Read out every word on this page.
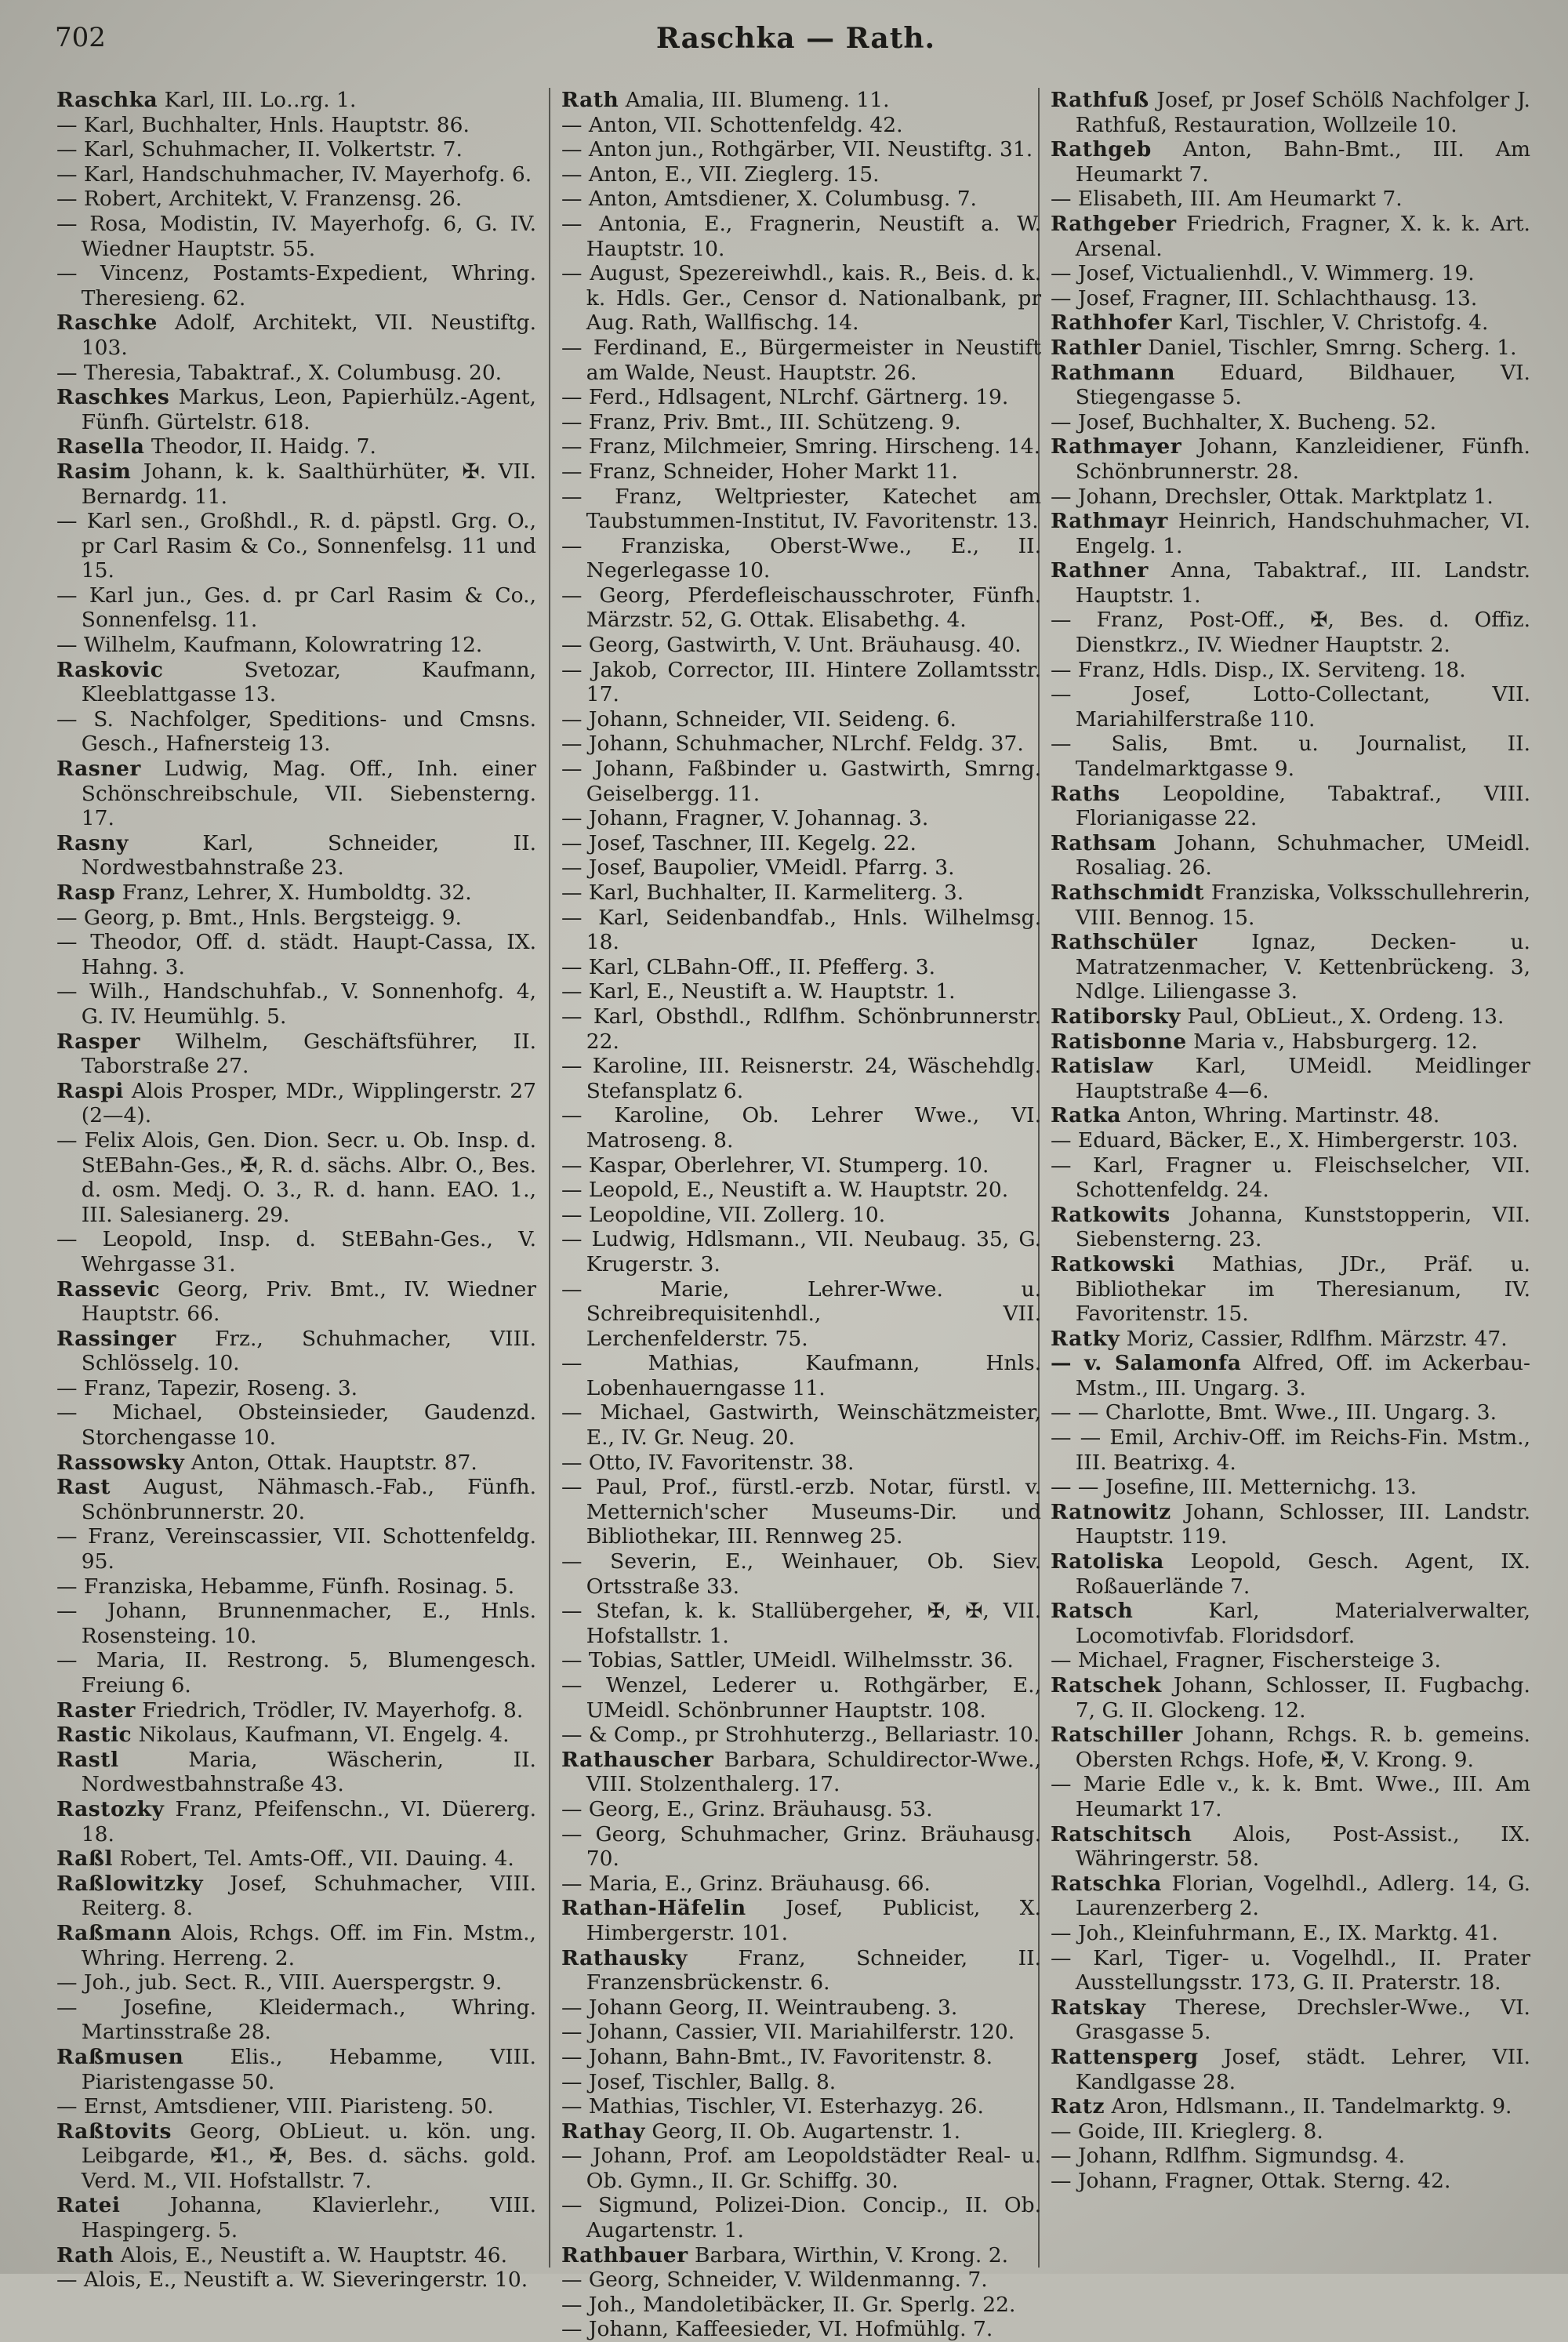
702	Raschka — Rath.

Raschka Karl, III. Lo‥rg. 1.

— Karl, Buchhalter, Hnls. Hauptstr. 86.

— Karl, Schuhmacher, II. Volkertstr. 7.

— Karl, Handschuhmacher, IV. Mayerhofg. 6.

— Robert, Architekt, V. Franzensg. 26.

— Rosa, Modistin, IV. Mayerhofg. 6, G. IV. Wiedner Hauptstr. 55.

— Vincenz, Postamts-Expedient, Whring. Theresieng. 62.

Raschke Adolf, Architekt, VII. Neustiftg. 103.

— Theresia, Tabaktraf., X. Columbusg. 20.

Raschkes Markus, Leon, Papierhülz.-Agent, Fünfh. Gürtelstr. 618.

Rasella Theodor, II. Haidg. 7.

Rasim Johann, k. k. Saalthürhüter, ✠. VII. Bernardg. 11.

— Karl sen., Großhdl., R. d. päpstl. Grg. O., pr Carl Rasim & Co., Sonnenfelsg. 11 und 15.

— Karl jun., Ges. d. pr Carl Rasim & Co., Sonnenfelsg. 11.

— Wilhelm, Kaufmann, Kolowratring 12.

Raskovic	Svetozar, Kaufmann, Kleeblattgasse 13.

— S. Nachfolger, Speditions- und Cmsns. Gesch., Hafnersteig 13.

Rasner Ludwig, Mag. Off., Inh. einer Schönschreibschule, VII. Siebensterng. 17.

Rasny	Karl, Schneider, II. Nordwestbahnstraße 23.

Rasp Franz, Lehrer, X. Humboldtg. 32.

— Georg, p. Bmt., Hnls. Bergsteigg. 9.

— Theodor, Off. d. städt. Haupt-Cassa, IX. Hahng. 3.

— Wilh., Handschuhfab., V. Sonnenhofg. 4, G. IV. Heumühlg. 5.

Rasper Wilhelm, Geschäftsführer, II. Taborstraße 27.

Raspi Alois Prosper, MDr., Wipplingerstr. 27 (2—4).

— Felix Alois, Gen. Dion. Secr. u. Ob. Insp. d. StEBahn-Ges., ✠, R. d. sächs. Albr. O., Bes. d. osm. Medj. O. 3., R. d. hann. EAO. 1., III. Salesianerg. 29.

— Leopold, Insp. d. StEBahn-Ges., V. Wehrgasse 31.

Rassevic Georg, Priv. Bmt., IV. Wiedner Hauptstr. 66.

Rassinger Frz., Schuhmacher, VIII. Schlösselg. 10.

— Franz, Tapezir, Roseng. 3.

— Michael, Obsteinsieder, Gaudenzd. Storchengasse 10.

Rassowsky Anton, Ottak. Hauptstr. 87.

Rast August, Nähmasch.-Fab., Fünfh. Schönbrunnerstr. 20.

— Franz, Vereinscassier, VII. Schottenfeldg. 95.

— Franziska, Hebamme, Fünfh. Rosinag. 5.

— Johann, Brunnenmacher, E., Hnls. Rosensteing. 10.

— Maria, II. Restrong. 5, Blumengesch. Freiung 6.

Raster Friedrich, Trödler, IV. Mayerhofg. 8.

Rastic Nikolaus, Kaufmann, VI. Engelg. 4.

Rastl	Maria, Wäscherin, II. Nordwestbahnstraße 43.

Rastozky Franz, Pfeifenschn., VI. Düererg. 18.

Raßl Robert, Tel. Amts-Off., VII. Dauing. 4.

Raßlowitzky Josef, Schuhmacher, VIII. Reiterg. 8.

Raßmann Alois, Rchgs. Off. im Fin. Mstm., Whring. Herreng. 2.

— Joh., jub. Sect. R., VIII. Auerspergstr. 9.

— Josefine, Kleidermach., Whring. Martinsstraße 28.

Raßmusen Elis., Hebamme, VIII. Piaristengasse 50.

— Ernst, Amtsdiener, VIII. Piaristeng. 50.

Raßtovits Georg, ObLieut. u. kön. ung. Leibgarde, ✠1., ✠, Bes. d. sächs. gold. Verd. M., VII. Hofstallstr. 7.

Ratei Johanna, Klavierlehr., VIII. Haspingerg. 5.

Rath Alois, E., Neustift a. W. Hauptstr. 46.

— Alois, E., Neustift a. W. Sieveringerstr. 10.

Rath Amalia, III. Blumeng. 11.

— Anton, VII. Schottenfeldg. 42.

— Anton jun., Rothgärber, VII. Neustiftg. 31.

— Anton, E., VII. Zieglerg. 15.

— Anton, Amtsdiener, X. Columbusg. 7.

— Antonia, E., Fragnerin, Neustift a. W. Hauptstr. 10.

— August, Spezereiwhdl., kais. R., Beis. d. k. k. Hdls. Ger., Censor d. Nationalbank, pr Aug. Rath, Wallfischg. 14.

— Ferdinand, E., Bürgermeister in Neustift am Walde, Neust. Hauptstr. 26.

— Ferd., Hdlsagent, NLrchf. Gärtnerg. 19.

— Franz, Priv. Bmt., III. Schützeng. 9.

— Franz, Milchmeier, Smring. Hirscheng. 14.

— Franz, Schneider, Hoher Markt 11.

— Franz, Weltpriester, Katechet am Taubstummen-Institut, IV. Favoritenstr. 13.

— Franziska, Oberst-Wwe., E., II. Negerlegasse 10.

— Georg, Pferdefleischausschroter, Fünfh. Märzstr. 52, G. Ottak. Elisabethg. 4.

— Georg, Gastwirth, V. Unt. Bräuhausg. 40.

— Jakob, Corrector, III. Hintere Zollamtsstr. 17.

— Johann, Schneider, VII. Seideng. 6.

— Johann, Schuhmacher, NLrchf. Feldg. 37.

— Johann, Faßbinder u. Gastwirth, Smrng. Geiselbergg. 11.

— Johann, Fragner, V. Johannag. 3.

— Josef, Taschner, III. Kegelg. 22.

— Josef, Baupolier, VMeidl. Pfarrg. 3.

— Karl, Buchhalter, II. Karmeliterg. 3.

— Karl, Seidenbandfab., Hnls. Wilhelmsg. 18.

— Karl, CLBahn-Off., II. Pfefferg. 3.

— Karl, E., Neustift a. W. Hauptstr. 1.

— Karl, Obsthdl., Rdlfhm. Schönbrunnerstr. 22.

— Karoline, III. Reisnerstr. 24, Wäschehdlg. Stefansplatz 6.

— Karoline, Ob. Lehrer Wwe., VI. Matroseng. 8.

— Kaspar, Oberlehrer, VI. Stumperg. 10.

— Leopold, E., Neustift a. W. Hauptstr. 20.

— Leopoldine, VII. Zollerg. 10.

— Ludwig, Hdlsmann., VII. Neubaug. 35, G. Krugerstr. 3.

— Marie, Lehrer-Wwe. u. Schreibrequisitenhdl., VII. Lerchenfelderstr. 75.

— Mathias, Kaufmann, Hnls. Lobenhauerngasse 11.

— Michael, Gastwirth, Weinschätzmeister, E., IV. Gr. Neug. 20.

— Otto, IV. Favoritenstr. 38.

— Paul, Prof., fürstl.-erzb. Notar, fürstl. v. Metternich'scher Museums-Dir. und Bibliothekar, III. Rennweg 25.

— Severin, E., Weinhauer, Ob. Siev. Ortsstraße 33.

— Stefan, k. k. Stallübergeher, ✠, ✠, VII. Hofstallstr. 1.

— Tobias, Sattler, UMeidl. Wilhelmsstr. 36.

— Wenzel, Lederer u. Rothgärber, E., UMeidl. Schönbrunner Hauptstr. 108.

— & Comp., pr Strohhuterzg., Bellariastr. 10.

Rathauscher Barbara, Schuldirector-Wwe., VIII. Stolzenthalerg. 17.

— Georg, E., Grinz. Bräuhausg. 53.

— Georg, Schuhmacher, Grinz. Bräuhausg. 70.

— Maria, E., Grinz. Bräuhausg. 66.

Rathan-Häfelin Josef, Publicist, X. Himbergerstr. 101.

Rathausky Franz, Schneider, II. Franzensbrückenstr. 6.

— Johann Georg, II. Weintraubeng. 3.

— Johann, Cassier, VII. Mariahilferstr. 120.

— Johann, Bahn-Bmt., IV. Favoritenstr. 8.

— Josef, Tischler, Ballg. 8.

— Mathias, Tischler, VI. Esterhazyg. 26.

Rathay Georg, II. Ob. Augartenstr. 1.

— Johann, Prof. am Leopoldstädter Real- u. Ob. Gymn., II. Gr. Schiffg. 30.

— Sigmund, Polizei-Dion. Concip., II. Ob. Augartenstr. 1.

Rathbauer Barbara, Wirthin, V. Krong. 2.

— Georg, Schneider, V. Wildenmanng. 7.

— Joh., Mandoletibäcker, II. Gr. Sperlg. 22.

— Johann, Kaffeesieder, VI. Hofmühlg. 7.

Rathfuß Josef, pr Josef Schölß Nachfolger J. Rathfuß, Restauration, Wollzeile 10.

Rathgeb Anton, Bahn-Bmt., III. Am Heumarkt 7.

— Elisabeth, III. Am Heumarkt 7.

Rathgeber Friedrich, Fragner, X. k. k. Art. Arsenal.

— Josef, Victualienhdl., V. Wimmerg. 19.

— Josef, Fragner, III. Schlachthausg. 13.

Rathhofer Karl, Tischler, V. Christofg. 4.

Rathler Daniel, Tischler, Smrng. Scherg. 1.

Rathmann Eduard, Bildhauer, VI. Stiegengasse 5.

— Josef, Buchhalter, X. Bucheng. 52.

Rathmayer Johann, Kanzleidiener, Fünfh. Schönbrunnerstr. 28.

— Johann, Drechsler, Ottak. Marktplatz 1.

Rathmayr Heinrich, Handschuhmacher, VI. Engelg. 1.

Rathner Anna, Tabaktraf., III. Landstr. Hauptstr. 1.

— Franz, Post-Off., ✠, Bes. d. Offiz. Dienstkrz., IV. Wiedner Hauptstr. 2.

— Franz, Hdls. Disp., IX. Serviteng. 18.

— Josef, Lotto-Collectant, VII. Mariahilferstraße 110.

— Salis, Bmt. u. Journalist, II. Tandelmarktgasse 9.

Raths Leopoldine, Tabaktraf., VIII. Florianigasse 22.

Rathsam Johann, Schuhmacher, UMeidl. Rosaliag. 26.

Rathschmidt Franziska, Volksschullehrerin, VIII. Bennog. 15.

Rathschüler	Ignaz, Decken- u. Matratzenmacher, V. Kettenbrückeng. 3, Ndlge. Liliengasse 3.

Ratiborsky Paul, ObLieut., X. Ordeng. 13.

Ratisbonne Maria v., Habsburgerg. 12.

Ratislaw Karl, UMeidl. Meidlinger Hauptstraße 4—6.

Ratka Anton, Whring. Martinstr. 48.

— Eduard, Bäcker, E., X. Himbergerstr. 103.

— Karl, Fragner u. Fleischselcher, VII. Schottenfeldg. 24.

Ratkowits Johanna, Kunststopperin, VII. Siebensterng. 23.

Ratkowski Mathias, JDr., Präf. u. Bibliothekar im Theresianum, IV. Favoritenstr. 15.

Ratky Moriz, Cassier, Rdlfhm. Märzstr. 47.

— v. Salamonfa Alfred, Off. im Ackerbau-Mstm., III. Ungarg. 3.

— — Charlotte, Bmt. Wwe., III. Ungarg. 3.

— — Emil, Archiv-Off. im Reichs-Fin. Mstm., III. Beatrixg. 4.

— — Josefine, III. Metternichg. 13.

Ratnowitz Johann, Schlosser, III. Landstr. Hauptstr. 119.

Ratoliska Leopold, Gesch. Agent, IX. Roßauerlände 7.

Ratsch	Karl, Materialverwalter, Locomotivfab. Floridsdorf.

— Michael, Fragner, Fischersteige 3.

Ratschek Johann, Schlosser, II. Fugbachg. 7, G. II. Glockeng. 12.

Ratschiller Johann, Rchgs. R. b. gemeins. Obersten Rchgs. Hofe, ✠, V. Krong. 9.

— Marie Edle v., k. k. Bmt. Wwe., III. Am Heumarkt 17.

Ratschitsch Alois, Post-Assist., IX. Währingerstr. 58.

Ratschka Florian, Vogelhdl., Adlerg. 14, G. Laurenzerberg 2.

— Joh., Kleinfuhrmann, E., IX. Marktg. 41.

— Karl, Tiger- u. Vogelhdl., II. Prater Ausstellungsstr. 173, G. II. Praterstr. 18.

Ratskay Therese, Drechsler-Wwe., VI. Grasgasse 5.

Rattensperg Josef, städt. Lehrer, VII. Kandlgasse 28.

Ratz Aron, Hdlsmann., II. Tandelmarktg. 9.

— Goide, III. Krieglerg. 8.

— Johann, Rdlfhm. Sigmundsg. 4.

— Johann, Fragner, Ottak. Sterng. 42.
